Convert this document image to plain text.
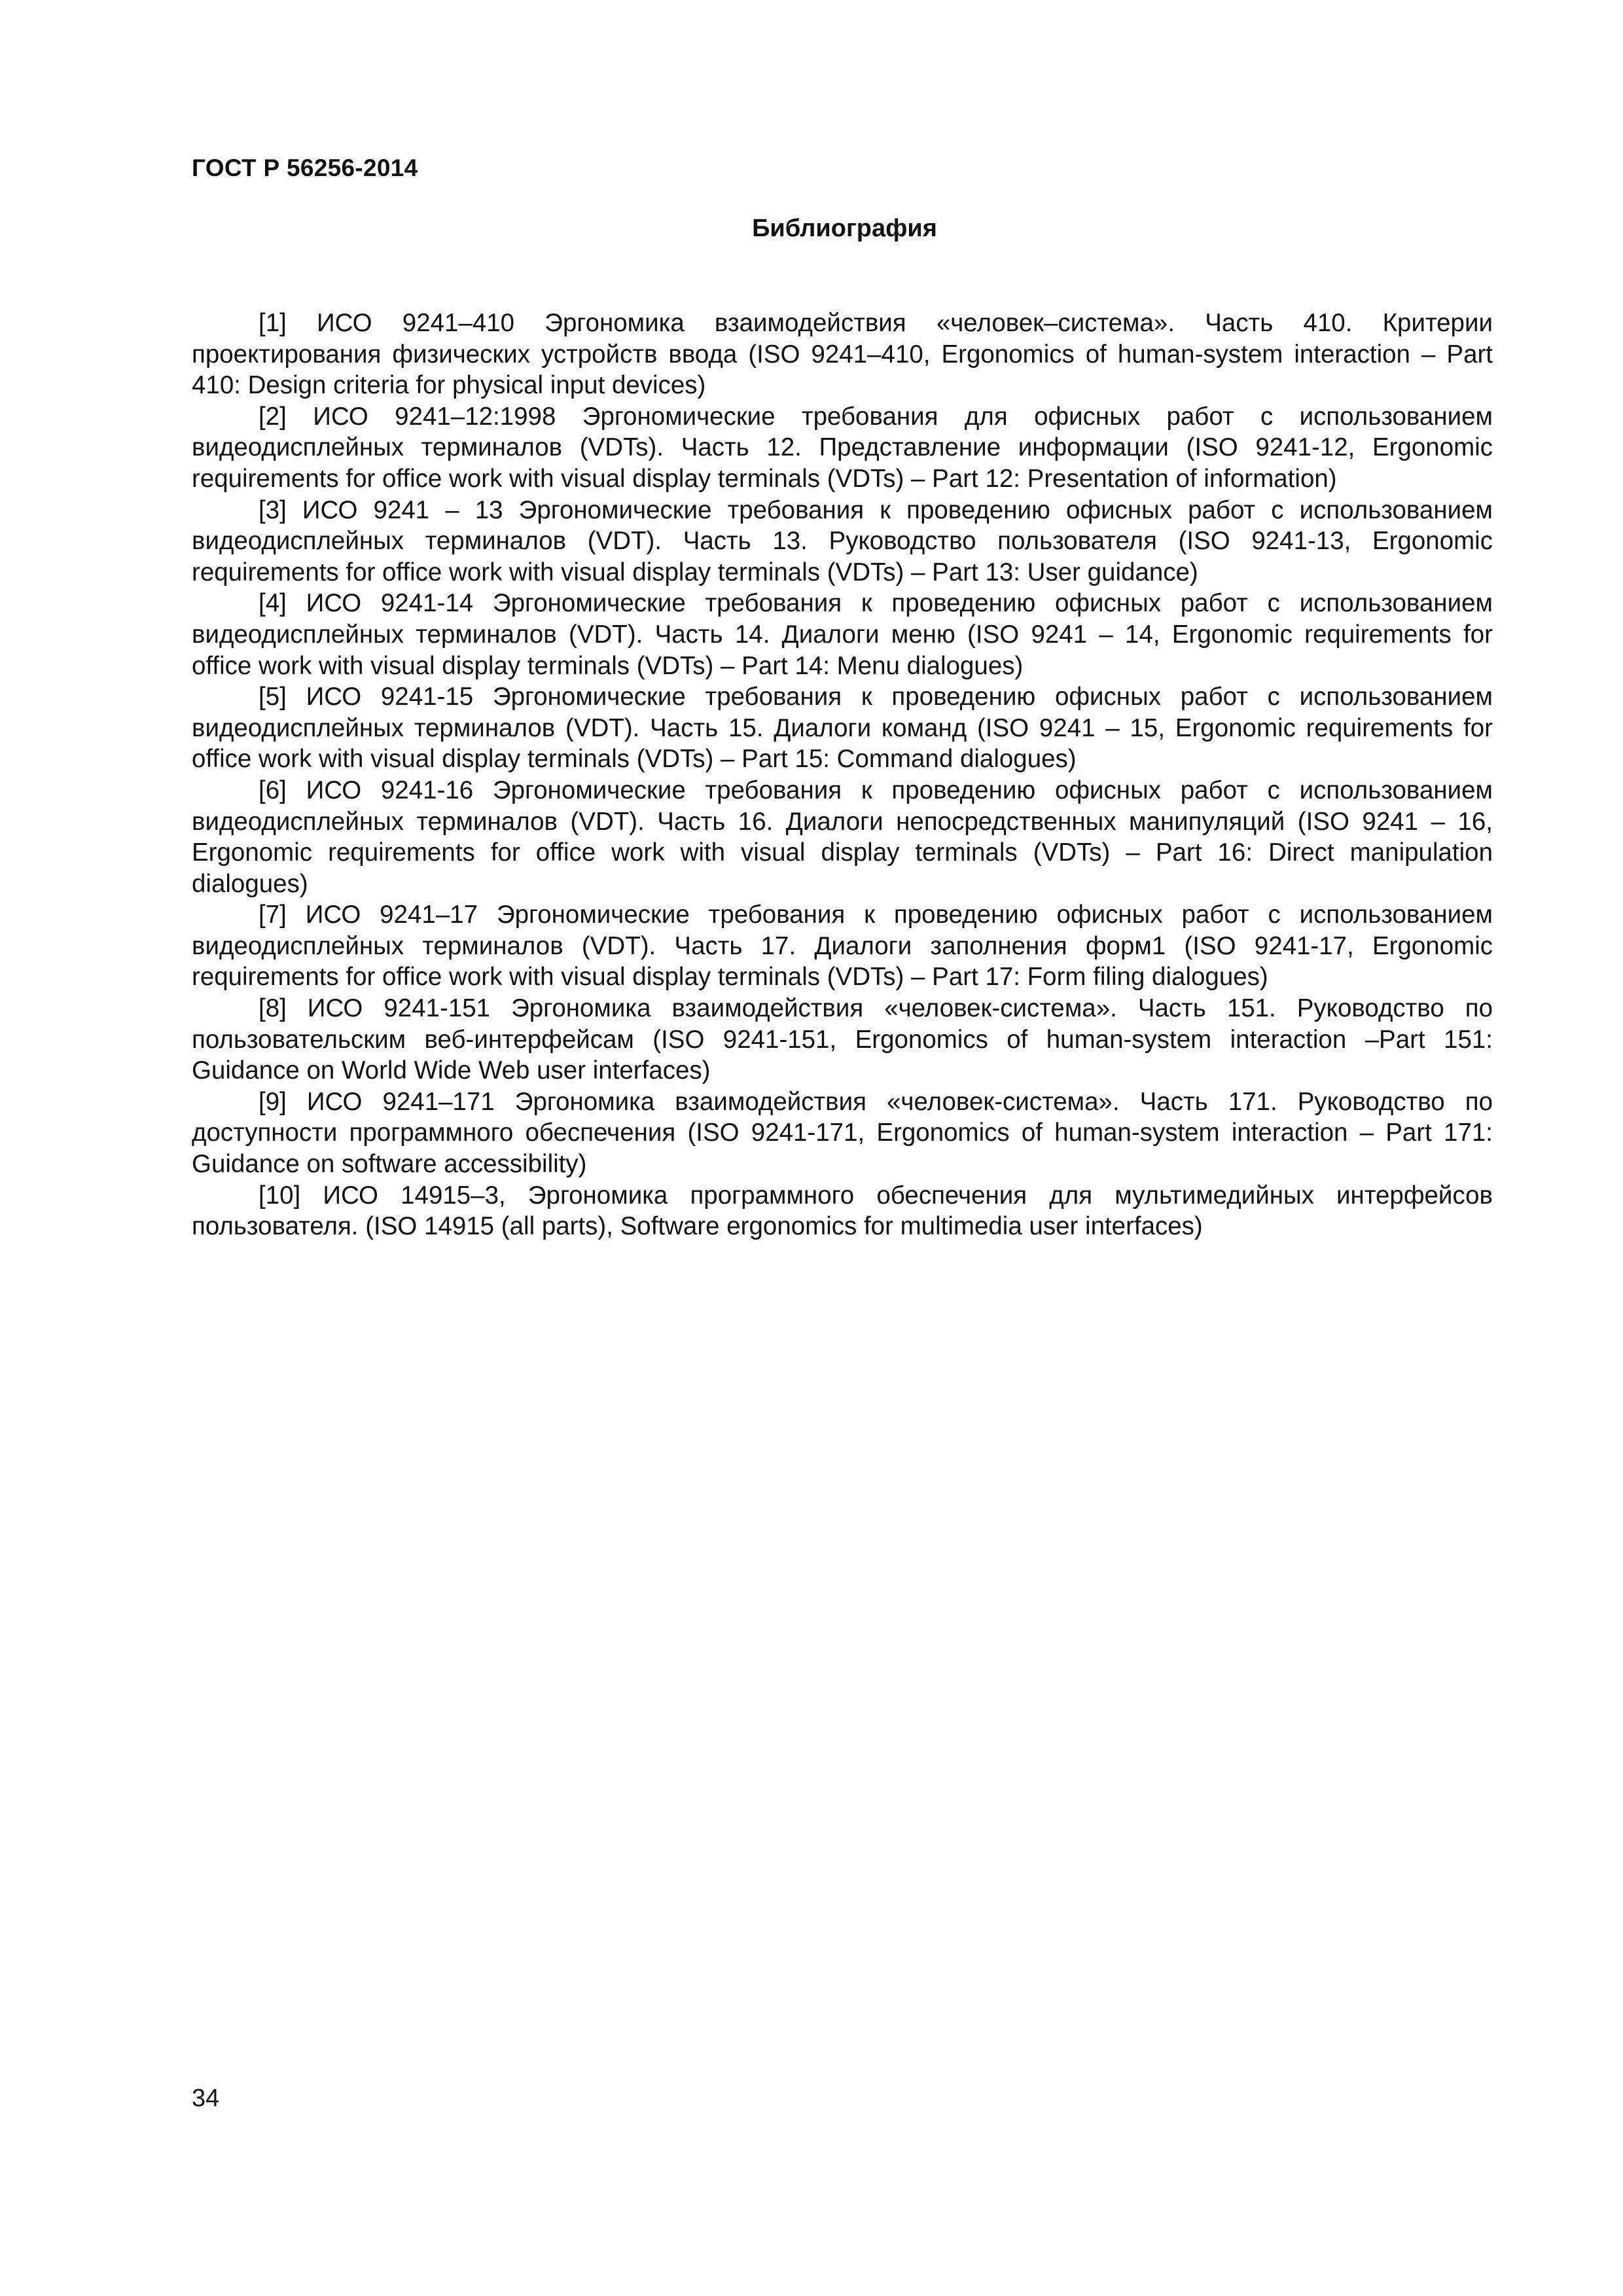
ГОСТ Р 56256-2014

Библиография
[1] ИСО 9241–410 Эргономика взаимодействия «человек–система». Часть 410. Критерии проектирования физических устройств ввода (ISO 9241–410, Ergonomics of human-system interaction – Part 410: Design criteria for physical input devices)
[2] ИСО 9241–12:1998 Эргономические требования для офисных работ с использованием видеодисплейных терминалов (VDTs). Часть 12. Представление информации (ISO 9241-12, Ergonomic requirements for office work with visual display terminals (VDTs) – Part 12: Presentation of information)
[3] ИСО 9241 – 13 Эргономические требования к проведению офисных работ с использованием видеодисплейных терминалов (VDT). Часть 13. Руководство пользователя (ISO 9241-13, Ergonomic requirements for office work with visual display terminals (VDTs) – Part 13: User guidance)
[4] ИСО 9241-14 Эргономические требования к проведению офисных работ с использованием видеодисплейных терминалов (VDT). Часть 14. Диалоги меню (ISO 9241 – 14, Ergonomic requirements for office work with visual display terminals (VDTs) – Part 14: Menu dialogues)
[5] ИСО 9241-15 Эргономические требования к проведению офисных работ с использованием видеодисплейных терминалов (VDT). Часть 15. Диалоги команд (ISO 9241 – 15, Ergonomic requirements for office work with visual display terminals (VDTs) – Part 15: Command dialogues)
[6] ИСО 9241-16 Эргономические требования к проведению офисных работ с использованием видеодисплейных терминалов (VDT). Часть 16. Диалоги непосредственных манипуляций (ISO 9241 – 16, Ergonomic requirements for office work with visual display terminals (VDTs) – Part 16: Direct manipulation dialogues)
[7] ИСО 9241–17 Эргономические требования к проведению офисных работ с использованием видеодисплейных терминалов (VDT). Часть 17. Диалоги заполнения форм1 (ISO 9241-17, Ergonomic requirements for office work with visual display terminals (VDTs) – Part 17: Form filing dialogues)
[8] ИСО 9241-151 Эргономика взаимодействия «человек-система». Часть 151. Руководство по пользовательским веб-интерфейсам (ISO 9241-151, Ergonomics of human-system interaction –Part 151: Guidance on World Wide Web user interfaces)
[9] ИСО 9241–171 Эргономика взаимодействия «человек-система». Часть 171. Руководство по доступности программного обеспечения (ISO 9241-171, Ergonomics of human-system interaction – Part 171: Guidance on software accessibility)
[10] ИСО 14915–3, Эргономика программного обеспечения для мультимедийных интерфейсов пользователя. (ISO 14915 (all parts), Software ergonomics for multimedia user interfaces)

34
